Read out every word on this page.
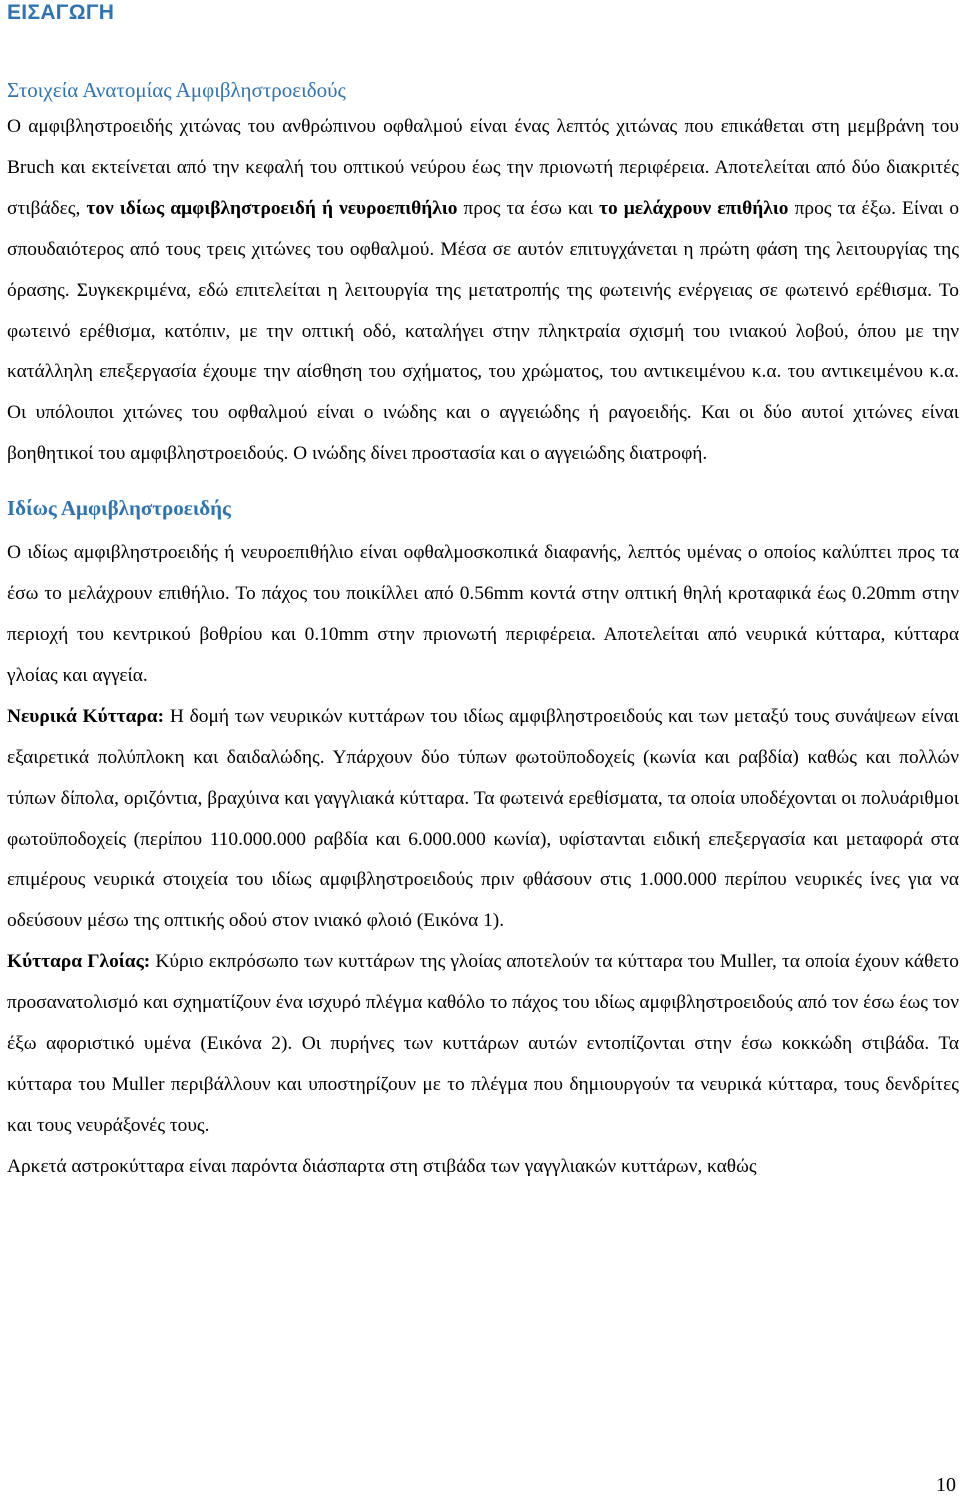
ΕΙΣΑΓΩΓΗ
Στοιχεία Ανατομίας Αμφιβληστροειδούς

Ο αμφιβληστροειδής χιτώνας του ανθρώπινου οφθαλμού είναι ένας λεπτός χιτώνας που επικάθεται στη μεμβράνη του Bruch και εκτείνεται από την κεφαλή του οπτικού νεύρου έως την πριονωτή περιφέρεια. Αποτελείται από δύο διακριτές στιβάδες, τον ιδίως αμφιβληστροειδή ή νευροεπιθήλιο προς τα έσω και το μελάχρουν επιθήλιο προς τα έξω. Είναι ο σπουδαιότερος από τους τρεις χιτώνες του οφθαλμού. Μέσα σε αυτόν επιτυγχάνεται η πρώτη φάση της λειτουργίας της όρασης. Συγκεκριμένα, εδώ επιτελείται η λειτουργία της μετατροπής της φωτεινής ενέργειας σε φωτεινό ερέθισμα. Το φωτεινό ερέθισμα, κατόπιν, με την οπτική οδό, καταλήγει στην πληκτραία σχισμή του ινιακού λοβού, όπου με την κατάλληλη επεξεργασία έχουμε την αίσθηση του σχήματος, του χρώματος, του αντικειμένου κ.α. του αντικειμένου κ.α. Οι υπόλοιποι χιτώνες του οφθαλμού είναι ο ινώδης και ο αγγειώδης ή ραγοειδής. Και οι δύο αυτοί χιτώνες είναι βοηθητικοί του αμφιβληστροειδούς. Ο ινώδης δίνει προστασία και ο αγγειώδης διατροφή.

Ιδίως Αμφιβληστροειδής

Ο ιδίως αμφιβληστροειδής ή νευροεπιθήλιο είναι οφθαλμοσκοπικά διαφανής, λεπτός υμένας ο οποίος καλύπτει προς τα έσω το μελάχρουν επιθήλιο. Το πάχος του ποικίλλει από 0.56mm κοντά στην οπτική θηλή κροταφικά έως 0.20mm στην περιοχή του κεντρικού βοθρίου και 0.10mm στην πριονωτή περιφέρεια. Αποτελείται από νευρικά κύτταρα, κύτταρα γλοίας και αγγεία.

Νευρικά Κύτταρα: Η δομή των νευρικών κυττάρων του ιδίως αμφιβληστροειδούς και των μεταξύ τους συνάψεων είναι εξαιρετικά πολύπλοκη και δαιδαλώδης. Υπάρχουν δύο τύπων φωτοϋποδοχείς (κωνία και ραβδία) καθώς και πολλών τύπων δίπολα, οριζόντια, βραχύινα και γαγγλιακά κύτταρα. Τα φωτεινά ερεθίσματα, τα οποία υποδέχονται οι πολυάριθμοι φωτοϋποδοχείς (περίπου 110.000.000 ραβδία και 6.000.000 κωνία), υφίστανται ειδική επεξεργασία και μεταφορά στα επιμέρους νευρικά στοιχεία του ιδίως αμφιβληστροειδούς πριν φθάσουν στις 1.000.000 περίπου νευρικές ίνες για να οδεύσουν μέσω της οπτικής οδού στον ινιακό φλοιό (Εικόνα 1).

Κύτταρα Γλοίας: Κύριο εκπρόσωπο των κυττάρων της γλοίας αποτελούν τα κύτταρα του Muller, τα οποία έχουν κάθετο προσανατολισμό και σχηματίζουν ένα ισχυρό πλέγμα καθόλο το πάχος του ιδίως αμφιβληστροειδούς από τον έσω έως τον έξω αφοριστικό υμένα (Εικόνα 2). Οι πυρήνες των κυττάρων αυτών εντοπίζονται στην έσω κοκκώδη στιβάδα. Τα κύτταρα του Muller περιβάλλουν και υποστηρίζουν με το πλέγμα που δημιουργούν τα νευρικά κύτταρα, τους δενδρίτες και τους νευράξονές τους.

Αρκετά αστροκύτταρα είναι παρόντα διάσπαρτα στη στιβάδα των γαγγλιακών κυττάρων, καθώς

10
